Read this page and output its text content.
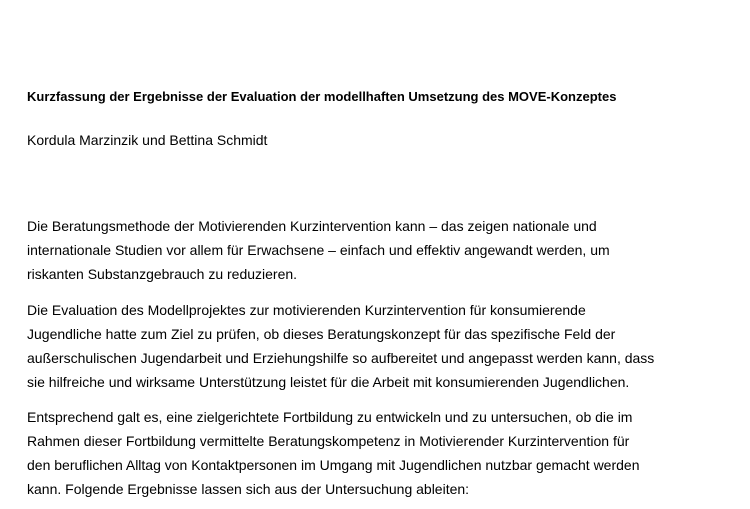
Kurzfassung der Ergebnisse der Evaluation der modellhaften Umsetzung des MOVE-Konzeptes
Kordula Marzinzik und Bettina Schmidt
Die Beratungsmethode der Motivierenden Kurzintervention kann – das zeigen nationale und
internationale Studien vor allem für Erwachsene – einfach und effektiv angewandt werden, um
riskanten Substanzgebrauch zu reduzieren.
Die Evaluation des Modellprojektes zur motivierenden Kurzintervention für konsumierende
Jugendliche hatte zum Ziel zu prüfen, ob dieses Beratungskonzept für das spezifische Feld der
außerschulischen Jugendarbeit und Erziehungshilfe so aufbereitet und angepasst werden kann, dass
sie hilfreiche und wirksame Unterstützung leistet für die Arbeit mit konsumierenden Jugendlichen.
Entsprechend galt es, eine zielgerichtete Fortbildung zu entwickeln und zu untersuchen, ob die im
Rahmen dieser Fortbildung vermittelte Beratungskompetenz in Motivierender Kurzintervention für
den beruflichen Alltag von Kontaktpersonen im Umgang mit Jugendlichen nutzbar gemacht werden
kann. Folgende Ergebnisse lassen sich aus der Untersuchung ableiten:
